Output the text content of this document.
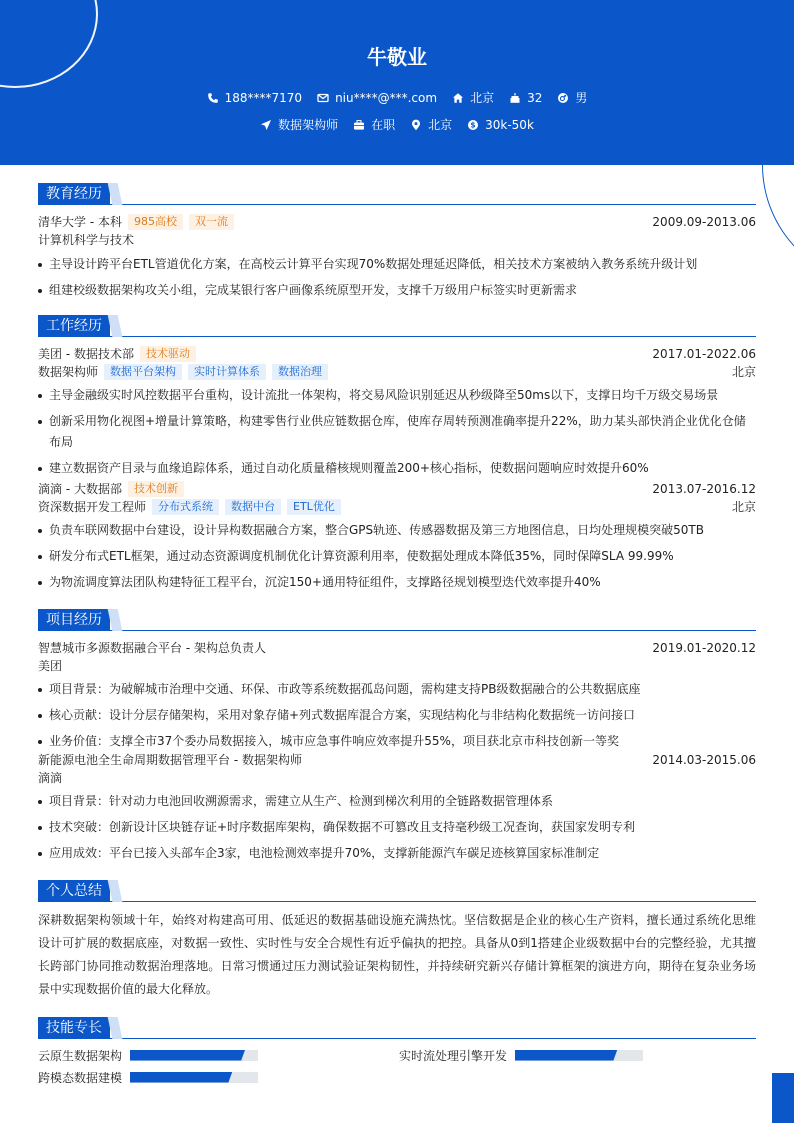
牛敬业
188****7170	niu****@***.com	北京	32	男
数据架构师	在职	北京 $ 30k-50k
教育经历
清华大学 - 本科	985高校	双一流	2009.09-2013.06
计算机科学与技术
主导设计跨平台ETL管道优化方案，在高校云计算平台实现70%数据处理延迟降低，相关技术方案被纳入教务系统升级计划
组建校级数据架构攻关小组，完成某银行客户画像系统原型开发，支撑千万级用户标签实时更新需求
工作经历
美团 - 数据技术部	技术驱动	2017.01-2022.06
数据架构师	数据平台架构	实时计算体系	数据治理	北京
主导金融级实时风控数据平台重构，设计流批一体架构，将交易风险识别延迟从秒级降至50ms以下，支撑日均千万级交易场景
创新采用物化视图+增量计算策略，构建零售行业供应链数据仓库，使库存周转预测准确率提升22%，助力某头部快消企业优化仓储布局
建立数据资产目录与血缘追踪体系，通过自动化质量稽核规则覆盖200+核心指标，使数据问题响应时效提升60%
滴滴 - 大数据部	技术创新	2013.07-2016.12
资深数据开发工程师	分布式系统	数据中台	ETL优化	北京
负责车联网数据中台建设，设计异构数据融合方案，整合GPS轨迹、传感器数据及第三方地图信息，日均处理规模突破50TB
研发分布式ETL框架，通过动态资源调度机制优化计算资源利用率，使数据处理成本降低35%，同时保障SLA 99.99%
为物流调度算法团队构建特征工程平台，沉淀150+通用特征组件，支撑路径规划模型迭代效率提升40%
项目经历
智慧城市多源数据融合平台 - 架构总负责人	2019.01-2020.12
美团
项目背景：为破解城市治理中交通、环保、市政等系统数据孤岛问题，需构建支持PB级数据融合的公共数据底座
核心贡献：设计分层存储架构，采用对象存储+列式数据库混合方案，实现结构化与非结构化数据统一访问接口
业务价值：支撑全市37个委办局数据接入，城市应急事件响应效率提升55%，项目获北京市科技创新一等奖
新能源电池全生命周期数据管理平台 - 数据架构师	2014.03-2015.06
滴滴
项目背景：针对动力电池回收溯源需求，需建立从生产、检测到梯次利用的全链路数据管理体系
技术突破：创新设计区块链存证+时序数据库架构，确保数据不可篡改且支持毫秒级工况查询，获国家发明专利
应用成效：平台已接入头部车企3家，电池检测效率提升70%，支撑新能源汽车碳足迹核算国家标准制定
个人总结

深耕数据架构领域十年，始终对构建高可用、低延迟的数据基础设施充满热忱。坚信数据是企业的核心生产资料，擅长通过系统化思维设计可扩展的数据底座，对数据一致性、实时性与安全合规性有近乎偏执的把控。具备从0到1搭建企业级数据中台的完整经验，尤其擅长跨部门协同推动数据治理落地。日常习惯通过压力测试验证架构韧性，并持续研究新兴存储计算框架的演进方向，期待在复杂业务场景中实现数据价值的最大化释放。

技能专长
云原生数据架构	实时流处理引擎开发
跨模态数据建模
